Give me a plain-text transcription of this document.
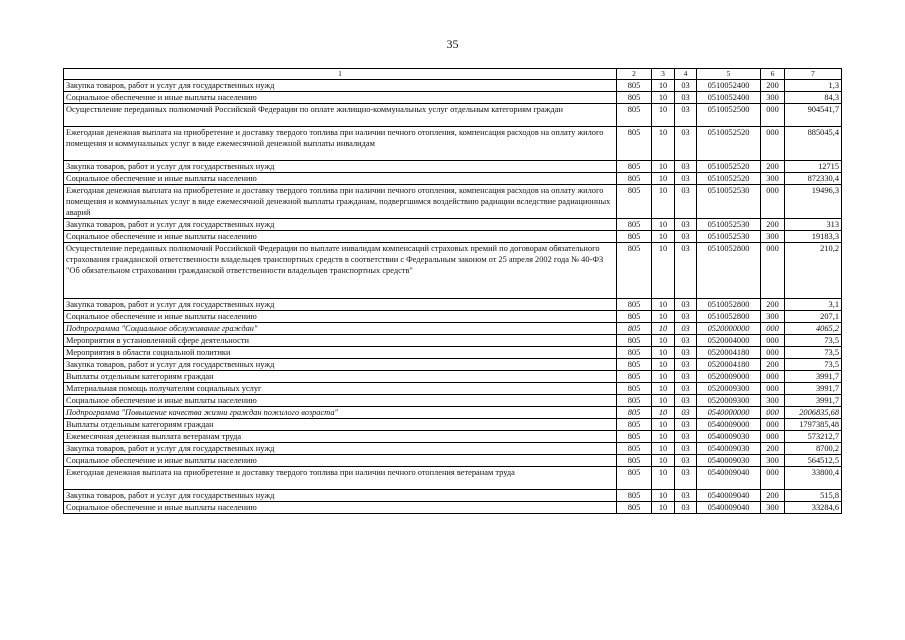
35
1	2	3	4	5	6	7
Закупка товаров, работ и услуг для государственных нужд	805	10	03	0510052400	200	1,3
Социальное обеспечение и иные выплаты населению	805	10	03	0510052400	300	84,3
Осуществление переданных полномочий Российской Федерации по оплате жилищно-коммунальных услуг отдельным категориям граждан	805	10	03	0510052500	000	904541,7
Ежегодная денежная выплата на приобретение и доставку твердого топлива при наличии печного отопления, компенсация расходов на оплату жилого помещения и коммунальных услуг в виде ежемесячной денежной выплаты инвалидам	805	10	03	0510052520	000	885045,4
Закупка товаров, работ и услуг для государственных нужд	805	10	03	0510052520	200	12715
Социальное обеспечение и иные выплаты населению	805	10	03	0510052520	300	872330,4
Ежегодная денежная выплата на приобретение и доставку твердого топлива при наличии печного отопления, компенсация расходов на оплату жилого помещения и коммунальных услуг в виде ежемесячной денежной выплаты гражданам, подвергшимся воздействию радиации вследствие радиационных аварий	805	10	03	0510052530	000	19496,3
Закупка товаров, работ и услуг для государственных нужд	805	10	03	0510052530	200	313
Социальное обеспечение и иные выплаты населению	805	10	03	0510052530	300	19183,3
Осуществление переданных полномочий Российской Федерации по выплате инвалидам компенсаций страховых премий по договорам обязательного страхования гражданской ответственности владельцев транспортных средств в соответствии с Федеральным законом от 25 апреля 2002 года № 40-ФЗ "Об обязательном страховании гражданской ответственности владельцев транспортных средств"	805	10	03	0510052800	000	210,2
Закупка товаров, работ и услуг для государственных нужд	805	10	03	0510052800	200	3,1
Социальное обеспечение и иные выплаты населению	805	10	03	0510052800	300	207,1
Подпрограмма "Социальное обслуживание граждан"	805	10	03	0520000000	000	4065,2
Мероприятия в установленной сфере деятельности	805	10	03	0520004000	000	73,5
Мероприятия в области социальной политики	805	10	03	0520004180	000	73,5
Закупка товаров, работ и услуг для государственных нужд	805	10	03	0520004180	200	73,5
Выплаты отдельным категориям граждан	805	10	03	0520009000	000	3991,7
Материальная помощь получателям социальных услуг	805	10	03	0520009300	000	3991,7
Социальное обеспечение и иные выплаты населению	805	10	03	0520009300	300	3991,7
Подпрограмма "Повышение качества жизни граждан пожилого возраста"	805	10	03	0540000000	000	2006835,68
Выплаты отдельным категориям граждан	805	10	03	0540009000	000	1797385,48
Ежемесячная денежная выплата ветеранам труда	805	10	03	0540009030	000	573212,7
Закупка товаров, работ и услуг для государственных нужд	805	10	03	0540009030	200	8700,2
Социальное обеспечение и иные выплаты населению	805	10	03	0540009030	300	564512,5
Ежегодная денежная выплата на приобретение и доставку твердого топлива при наличии печного отопления ветеранам труда	805	10	03	0540009040	000	33800,4
Закупка товаров, работ и услуг для государственных нужд	805	10	03	0540009040	200	515,8
Социальное обеспечение и иные выплаты населению	805	10	03	0540009040	300	33284,6
